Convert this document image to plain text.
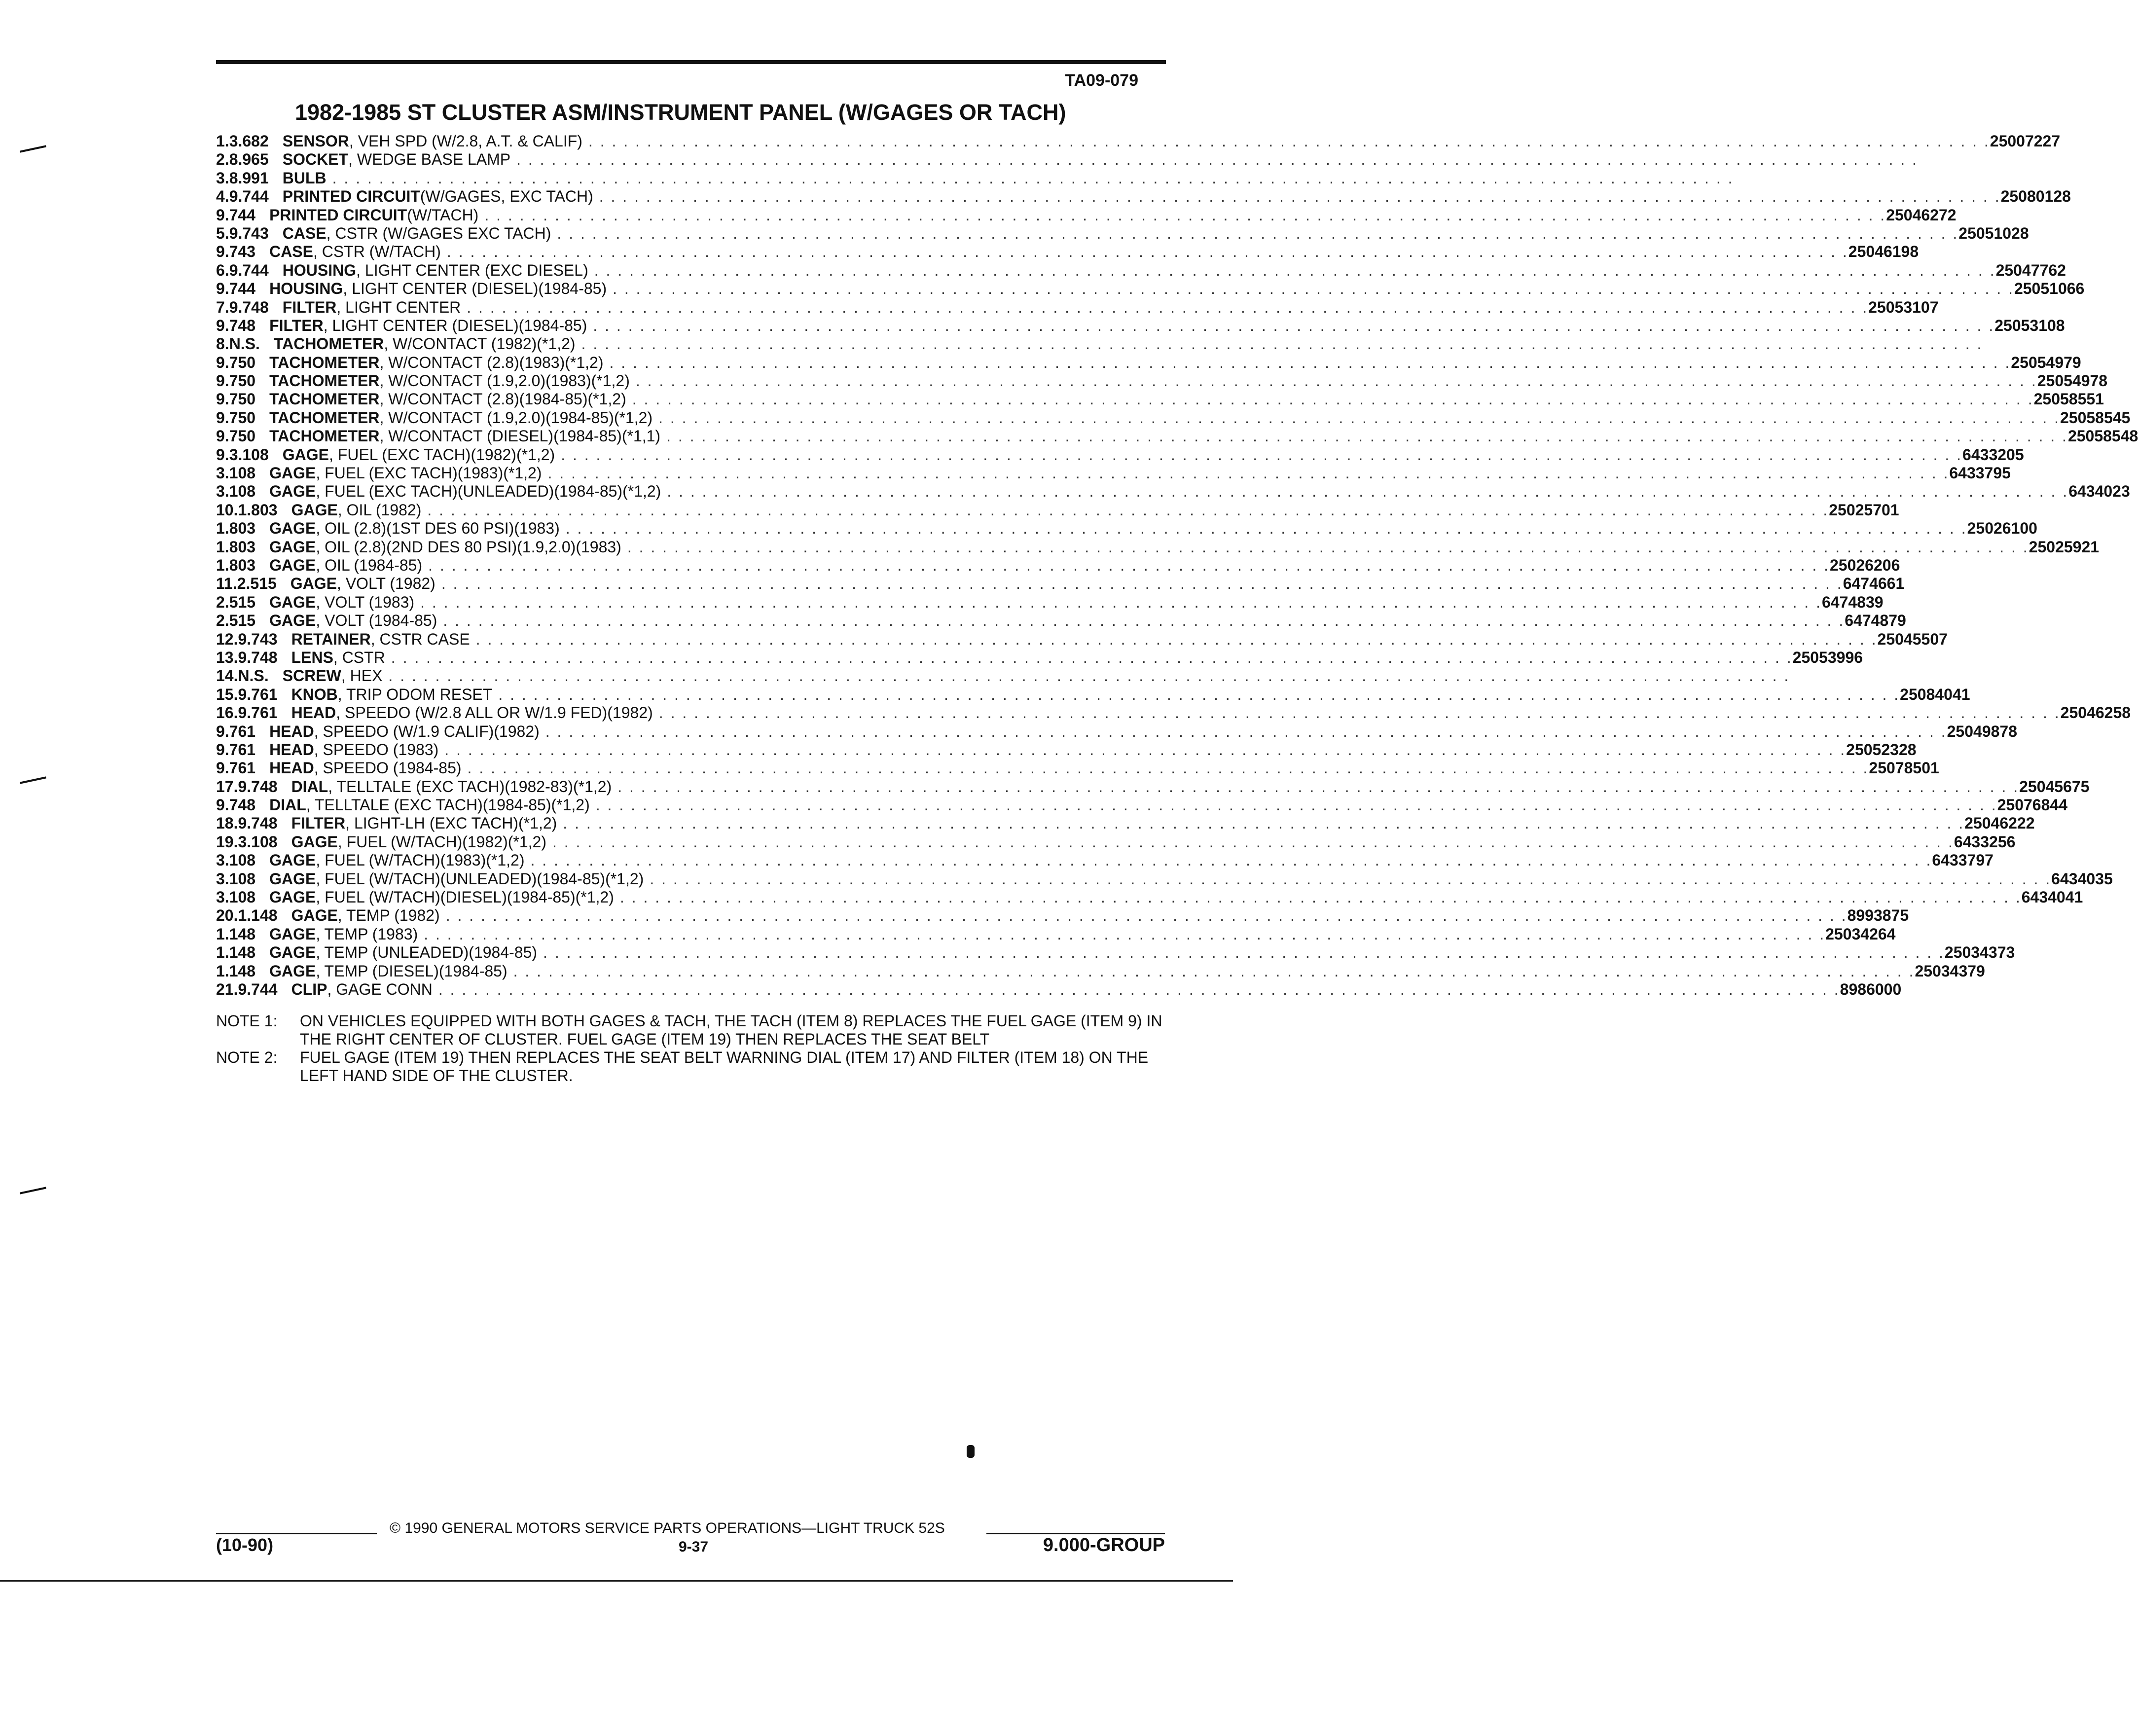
TA09-079
1982-1985 ST CLUSTER ASM/INSTRUMENT PANEL (W/GAGES OR TACH)
1. 3.682 SENSOR , VEH SPD (W/2.8, A.T. & CALIF) . . . . . . . . . . . . . . . . . . . . . . . . . . . . . . . . . . . . . . . . . . . . . . . . . . . . . . . . . . . . . . . . . . . . . . . . . . . . . . . . . . . . . . . . . . . . . . . . . . . . . . . . . . . . . . . . . . . . . . . . 25007227
2. 8.965 SOCKET , WEDGE BASE LAMP . . . . . . . . . . . . . . . . . . . . . . . . . . . . . . . . . . . . . . . . . . . . . . . . . . . . . . . . . . . . . . . . . . . . . . . . . . . . . . . . . . . . . . . . . . . . . . . . . . . . . . . . . . . . . . . . . . . . . . . .
3. 8.991 BULB . . . . . . . . . . . . . . . . . . . . . . . . . . . . . . . . . . . . . . . . . . . . . . . . . . . . . . . . . . . . . . . . . . . . . . . . . . . . . . . . . . . . . . . . . . . . . . . . . . . . . . . . . . . . . . . . . . . . . . . .
4. 9.744 PRINTED CIRCUIT (W/GAGES, EXC TACH) . . . . . . . . . . . . . . . . . . . . . . . . . . . . . . . . . . . . . . . . . . . . . . . . . . . . . . . . . . . . . . . . . . . . . . . . . . . . . . . . . . . . . . . . . . . . . . . . . . . . . . . . . . . . . . . . . . . . . . . . 25080128
9.744 PRINTED CIRCUIT (W/TACH) . . . . . . . . . . . . . . . . . . . . . . . . . . . . . . . . . . . . . . . . . . . . . . . . . . . . . . . . . . . . . . . . . . . . . . . . . . . . . . . . . . . . . . . . . . . . . . . . . . . . . . . . . . . . . . . . . . . . . . . . 25046272
5. 9.743 CASE , CSTR (W/GAGES EXC TACH) . . . . . . . . . . . . . . . . . . . . . . . . . . . . . . . . . . . . . . . . . . . . . . . . . . . . . . . . . . . . . . . . . . . . . . . . . . . . . . . . . . . . . . . . . . . . . . . . . . . . . . . . . . . . . . . . . . . . . . . . 25051028
9.743 CASE , CSTR (W/TACH) . . . . . . . . . . . . . . . . . . . . . . . . . . . . . . . . . . . . . . . . . . . . . . . . . . . . . . . . . . . . . . . . . . . . . . . . . . . . . . . . . . . . . . . . . . . . . . . . . . . . . . . . . . . . . . . . . . . . . . . . 25046198
6. 9.744 HOUSING , LIGHT CENTER (EXC DIESEL) . . . . . . . . . . . . . . . . . . . . . . . . . . . . . . . . . . . . . . . . . . . . . . . . . . . . . . . . . . . . . . . . . . . . . . . . . . . . . . . . . . . . . . . . . . . . . . . . . . . . . . . . . . . . . . . . . . . . . . . . 25047762
9.744 HOUSING , LIGHT CENTER (DIESEL)(1984-85) . . . . . . . . . . . . . . . . . . . . . . . . . . . . . . . . . . . . . . . . . . . . . . . . . . . . . . . . . . . . . . . . . . . . . . . . . . . . . . . . . . . . . . . . . . . . . . . . . . . . . . . . . . . . . . . . . . . . . . . . 25051066
7. 9.748 FILTER , LIGHT CENTER . . . . . . . . . . . . . . . . . . . . . . . . . . . . . . . . . . . . . . . . . . . . . . . . . . . . . . . . . . . . . . . . . . . . . . . . . . . . . . . . . . . . . . . . . . . . . . . . . . . . . . . . . . . . . . . . . . . . . . . . 25053107
9.748 FILTER , LIGHT CENTER (DIESEL)(1984-85) . . . . . . . . . . . . . . . . . . . . . . . . . . . . . . . . . . . . . . . . . . . . . . . . . . . . . . . . . . . . . . . . . . . . . . . . . . . . . . . . . . . . . . . . . . . . . . . . . . . . . . . . . . . . . . . . . . . . . . . . 25053108
8. N.S. TACHOMETER , W/CONTACT (1982)(*1,2) . . . . . . . . . . . . . . . . . . . . . . . . . . . . . . . . . . . . . . . . . . . . . . . . . . . . . . . . . . . . . . . . . . . . . . . . . . . . . . . . . . . . . . . . . . . . . . . . . . . . . . . . . . . . . . . . . . . . . . . .
9.750 TACHOMETER , W/CONTACT (2.8)(1983)(*1,2) . . . . . . . . . . . . . . . . . . . . . . . . . . . . . . . . . . . . . . . . . . . . . . . . . . . . . . . . . . . . . . . . . . . . . . . . . . . . . . . . . . . . . . . . . . . . . . . . . . . . . . . . . . . . . . . . . . . . . . . . 25054979
9.750 TACHOMETER , W/CONTACT (1.9,2.0)(1983)(*1,2) . . . . . . . . . . . . . . . . . . . . . . . . . . . . . . . . . . . . . . . . . . . . . . . . . . . . . . . . . . . . . . . . . . . . . . . . . . . . . . . . . . . . . . . . . . . . . . . . . . . . . . . . . . . . . . . . . . . . . . . . 25054978
9.750 TACHOMETER , W/CONTACT (2.8)(1984-85)(*1,2) . . . . . . . . . . . . . . . . . . . . . . . . . . . . . . . . . . . . . . . . . . . . . . . . . . . . . . . . . . . . . . . . . . . . . . . . . . . . . . . . . . . . . . . . . . . . . . . . . . . . . . . . . . . . . . . . . . . . . . . . 25058551
9.750 TACHOMETER , W/CONTACT (1.9,2.0)(1984-85)(*1,2) . . . . . . . . . . . . . . . . . . . . . . . . . . . . . . . . . . . . . . . . . . . . . . . . . . . . . . . . . . . . . . . . . . . . . . . . . . . . . . . . . . . . . . . . . . . . . . . . . . . . . . . . . . . . . . . . . . . . . . . . 25058545
9.750 TACHOMETER , W/CONTACT (DIESEL)(1984-85)(*1,1) . . . . . . . . . . . . . . . . . . . . . . . . . . . . . . . . . . . . . . . . . . . . . . . . . . . . . . . . . . . . . . . . . . . . . . . . . . . . . . . . . . . . . . . . . . . . . . . . . . . . . . . . . . . . . . . . . . . . . . . . 25058548
9. 3.108 GAGE , FUEL (EXC TACH)(1982)(*1,2) . . . . . . . . . . . . . . . . . . . . . . . . . . . . . . . . . . . . . . . . . . . . . . . . . . . . . . . . . . . . . . . . . . . . . . . . . . . . . . . . . . . . . . . . . . . . . . . . . . . . . . . . . . . . . . . . . . . . . . . . 6433205
3.108 GAGE , FUEL (EXC TACH)(1983)(*1,2) . . . . . . . . . . . . . . . . . . . . . . . . . . . . . . . . . . . . . . . . . . . . . . . . . . . . . . . . . . . . . . . . . . . . . . . . . . . . . . . . . . . . . . . . . . . . . . . . . . . . . . . . . . . . . . . . . . . . . . . . 6433795
3.108 GAGE , FUEL (EXC TACH)(UNLEADED)(1984-85)(*1,2) . . . . . . . . . . . . . . . . . . . . . . . . . . . . . . . . . . . . . . . . . . . . . . . . . . . . . . . . . . . . . . . . . . . . . . . . . . . . . . . . . . . . . . . . . . . . . . . . . . . . . . . . . . . . . . . . . . . . . . . . 6434023
10. 1.803 GAGE , OIL (1982) . . . . . . . . . . . . . . . . . . . . . . . . . . . . . . . . . . . . . . . . . . . . . . . . . . . . . . . . . . . . . . . . . . . . . . . . . . . . . . . . . . . . . . . . . . . . . . . . . . . . . . . . . . . . . . . . . . . . . . . . 25025701
1.803 GAGE , OIL (2.8)(1ST DES 60 PSI)(1983) . . . . . . . . . . . . . . . . . . . . . . . . . . . . . . . . . . . . . . . . . . . . . . . . . . . . . . . . . . . . . . . . . . . . . . . . . . . . . . . . . . . . . . . . . . . . . . . . . . . . . . . . . . . . . . . . . . . . . . . . 25026100
1.803 GAGE , OIL (2.8)(2ND DES 80 PSI)(1.9,2.0)(1983) . . . . . . . . . . . . . . . . . . . . . . . . . . . . . . . . . . . . . . . . . . . . . . . . . . . . . . . . . . . . . . . . . . . . . . . . . . . . . . . . . . . . . . . . . . . . . . . . . . . . . . . . . . . . . . . . . . . . . . . . 25025921
1.803 GAGE , OIL (1984-85) . . . . . . . . . . . . . . . . . . . . . . . . . . . . . . . . . . . . . . . . . . . . . . . . . . . . . . . . . . . . . . . . . . . . . . . . . . . . . . . . . . . . . . . . . . . . . . . . . . . . . . . . . . . . . . . . . . . . . . . . 25026206
11. 2.515 GAGE , VOLT (1982) . . . . . . . . . . . . . . . . . . . . . . . . . . . . . . . . . . . . . . . . . . . . . . . . . . . . . . . . . . . . . . . . . . . . . . . . . . . . . . . . . . . . . . . . . . . . . . . . . . . . . . . . . . . . . . . . . . . . . . . . 6474661
2.515 GAGE , VOLT (1983) . . . . . . . . . . . . . . . . . . . . . . . . . . . . . . . . . . . . . . . . . . . . . . . . . . . . . . . . . . . . . . . . . . . . . . . . . . . . . . . . . . . . . . . . . . . . . . . . . . . . . . . . . . . . . . . . . . . . . . . . 6474839
2.515 GAGE , VOLT (1984-85) . . . . . . . . . . . . . . . . . . . . . . . . . . . . . . . . . . . . . . . . . . . . . . . . . . . . . . . . . . . . . . . . . . . . . . . . . . . . . . . . . . . . . . . . . . . . . . . . . . . . . . . . . . . . . . . . . . . . . . . . 6474879
12. 9.743 RETAINER , CSTR CASE . . . . . . . . . . . . . . . . . . . . . . . . . . . . . . . . . . . . . . . . . . . . . . . . . . . . . . . . . . . . . . . . . . . . . . . . . . . . . . . . . . . . . . . . . . . . . . . . . . . . . . . . . . . . . . . . . . . . . . . . 25045507
13. 9.748 LENS , CSTR . . . . . . . . . . . . . . . . . . . . . . . . . . . . . . . . . . . . . . . . . . . . . . . . . . . . . . . . . . . . . . . . . . . . . . . . . . . . . . . . . . . . . . . . . . . . . . . . . . . . . . . . . . . . . . . . . . . . . . . . 25053996
14. N.S. SCREW , HEX . . . . . . . . . . . . . . . . . . . . . . . . . . . . . . . . . . . . . . . . . . . . . . . . . . . . . . . . . . . . . . . . . . . . . . . . . . . . . . . . . . . . . . . . . . . . . . . . . . . . . . . . . . . . . . . . . . . . . . . .
15. 9.761 KNOB , TRIP ODOM RESET . . . . . . . . . . . . . . . . . . . . . . . . . . . . . . . . . . . . . . . . . . . . . . . . . . . . . . . . . . . . . . . . . . . . . . . . . . . . . . . . . . . . . . . . . . . . . . . . . . . . . . . . . . . . . . . . . . . . . . . . 25084041
16. 9.761 HEAD , SPEEDO (W/2.8 ALL OR W/1.9 FED)(1982) . . . . . . . . . . . . . . . . . . . . . . . . . . . . . . . . . . . . . . . . . . . . . . . . . . . . . . . . . . . . . . . . . . . . . . . . . . . . . . . . . . . . . . . . . . . . . . . . . . . . . . . . . . . . . . . . . . . . . . . . 25046258
9.761 HEAD , SPEEDO (W/1.9 CALIF)(1982) . . . . . . . . . . . . . . . . . . . . . . . . . . . . . . . . . . . . . . . . . . . . . . . . . . . . . . . . . . . . . . . . . . . . . . . . . . . . . . . . . . . . . . . . . . . . . . . . . . . . . . . . . . . . . . . . . . . . . . . . 25049878
9.761 HEAD , SPEEDO (1983) . . . . . . . . . . . . . . . . . . . . . . . . . . . . . . . . . . . . . . . . . . . . . . . . . . . . . . . . . . . . . . . . . . . . . . . . . . . . . . . . . . . . . . . . . . . . . . . . . . . . . . . . . . . . . . . . . . . . . . . . 25052328
9.761 HEAD , SPEEDO (1984-85) . . . . . . . . . . . . . . . . . . . . . . . . . . . . . . . . . . . . . . . . . . . . . . . . . . . . . . . . . . . . . . . . . . . . . . . . . . . . . . . . . . . . . . . . . . . . . . . . . . . . . . . . . . . . . . . . . . . . . . . . 25078501
17. 9.748 DIAL , TELLTALE (EXC TACH)(1982-83)(*1,2) . . . . . . . . . . . . . . . . . . . . . . . . . . . . . . . . . . . . . . . . . . . . . . . . . . . . . . . . . . . . . . . . . . . . . . . . . . . . . . . . . . . . . . . . . . . . . . . . . . . . . . . . . . . . . . . . . . . . . . . . 25045675
9.748 DIAL , TELLTALE (EXC TACH)(1984-85)(*1,2) . . . . . . . . . . . . . . . . . . . . . . . . . . . . . . . . . . . . . . . . . . . . . . . . . . . . . . . . . . . . . . . . . . . . . . . . . . . . . . . . . . . . . . . . . . . . . . . . . . . . . . . . . . . . . . . . . . . . . . . . 25076844
18. 9.748 FILTER , LIGHT-LH (EXC TACH)(*1,2) . . . . . . . . . . . . . . . . . . . . . . . . . . . . . . . . . . . . . . . . . . . . . . . . . . . . . . . . . . . . . . . . . . . . . . . . . . . . . . . . . . . . . . . . . . . . . . . . . . . . . . . . . . . . . . . . . . . . . . . . 25046222
19. 3.108 GAGE , FUEL (W/TACH)(1982)(*1,2) . . . . . . . . . . . . . . . . . . . . . . . . . . . . . . . . . . . . . . . . . . . . . . . . . . . . . . . . . . . . . . . . . . . . . . . . . . . . . . . . . . . . . . . . . . . . . . . . . . . . . . . . . . . . . . . . . . . . . . . . 6433256
3.108 GAGE , FUEL (W/TACH)(1983)(*1,2) . . . . . . . . . . . . . . . . . . . . . . . . . . . . . . . . . . . . . . . . . . . . . . . . . . . . . . . . . . . . . . . . . . . . . . . . . . . . . . . . . . . . . . . . . . . . . . . . . . . . . . . . . . . . . . . . . . . . . . . . 6433797
3.108 GAGE , FUEL (W/TACH)(UNLEADED)(1984-85)(*1,2) . . . . . . . . . . . . . . . . . . . . . . . . . . . . . . . . . . . . . . . . . . . . . . . . . . . . . . . . . . . . . . . . . . . . . . . . . . . . . . . . . . . . . . . . . . . . . . . . . . . . . . . . . . . . . . . . . . . . . . . . 6434035
3.108 GAGE , FUEL (W/TACH)(DIESEL)(1984-85)(*1,2) . . . . . . . . . . . . . . . . . . . . . . . . . . . . . . . . . . . . . . . . . . . . . . . . . . . . . . . . . . . . . . . . . . . . . . . . . . . . . . . . . . . . . . . . . . . . . . . . . . . . . . . . . . . . . . . . . . . . . . . . 6434041
20. 1.148 GAGE , TEMP (1982) . . . . . . . . . . . . . . . . . . . . . . . . . . . . . . . . . . . . . . . . . . . . . . . . . . . . . . . . . . . . . . . . . . . . . . . . . . . . . . . . . . . . . . . . . . . . . . . . . . . . . . . . . . . . . . . . . . . . . . . . 8993875
1.148 GAGE , TEMP (1983) . . . . . . . . . . . . . . . . . . . . . . . . . . . . . . . . . . . . . . . . . . . . . . . . . . . . . . . . . . . . . . . . . . . . . . . . . . . . . . . . . . . . . . . . . . . . . . . . . . . . . . . . . . . . . . . . . . . . . . . . 25034264
1.148 GAGE , TEMP (UNLEADED)(1984-85) . . . . . . . . . . . . . . . . . . . . . . . . . . . . . . . . . . . . . . . . . . . . . . . . . . . . . . . . . . . . . . . . . . . . . . . . . . . . . . . . . . . . . . . . . . . . . . . . . . . . . . . . . . . . . . . . . . . . . . . . 25034373
1.148 GAGE , TEMP (DIESEL)(1984-85) . . . . . . . . . . . . . . . . . . . . . . . . . . . . . . . . . . . . . . . . . . . . . . . . . . . . . . . . . . . . . . . . . . . . . . . . . . . . . . . . . . . . . . . . . . . . . . . . . . . . . . . . . . . . . . . . . . . . . . . . 25034379
21. 9.744 CLIP , GAGE CONN . . . . . . . . . . . . . . . . . . . . . . . . . . . . . . . . . . . . . . . . . . . . . . . . . . . . . . . . . . . . . . . . . . . . . . . . . . . . . . . . . . . . . . . . . . . . . . . . . . . . . . . . . . . . . . . . . . . . . . . . 8986000
NOTE 1:	ON VEHICLES EQUIPPED WITH BOTH GAGES & TACH, THE TACH (ITEM 8) REPLACES THE FUEL GAGE (ITEM 9) IN THE RIGHT CENTER OF CLUSTER. FUEL GAGE (ITEM 19) THEN REPLACES THE SEAT BELT
NOTE 2:	FUEL GAGE (ITEM 19) THEN REPLACES THE SEAT BELT WARNING DIAL (ITEM 17) AND FILTER (ITEM 18) ON THE LEFT HAND SIDE OF THE CLUSTER.
© 1990 GENERAL MOTORS SERVICE PARTS OPERATIONS—LIGHT TRUCK 52S
(10-90)	9-37	9.000-GROUP
